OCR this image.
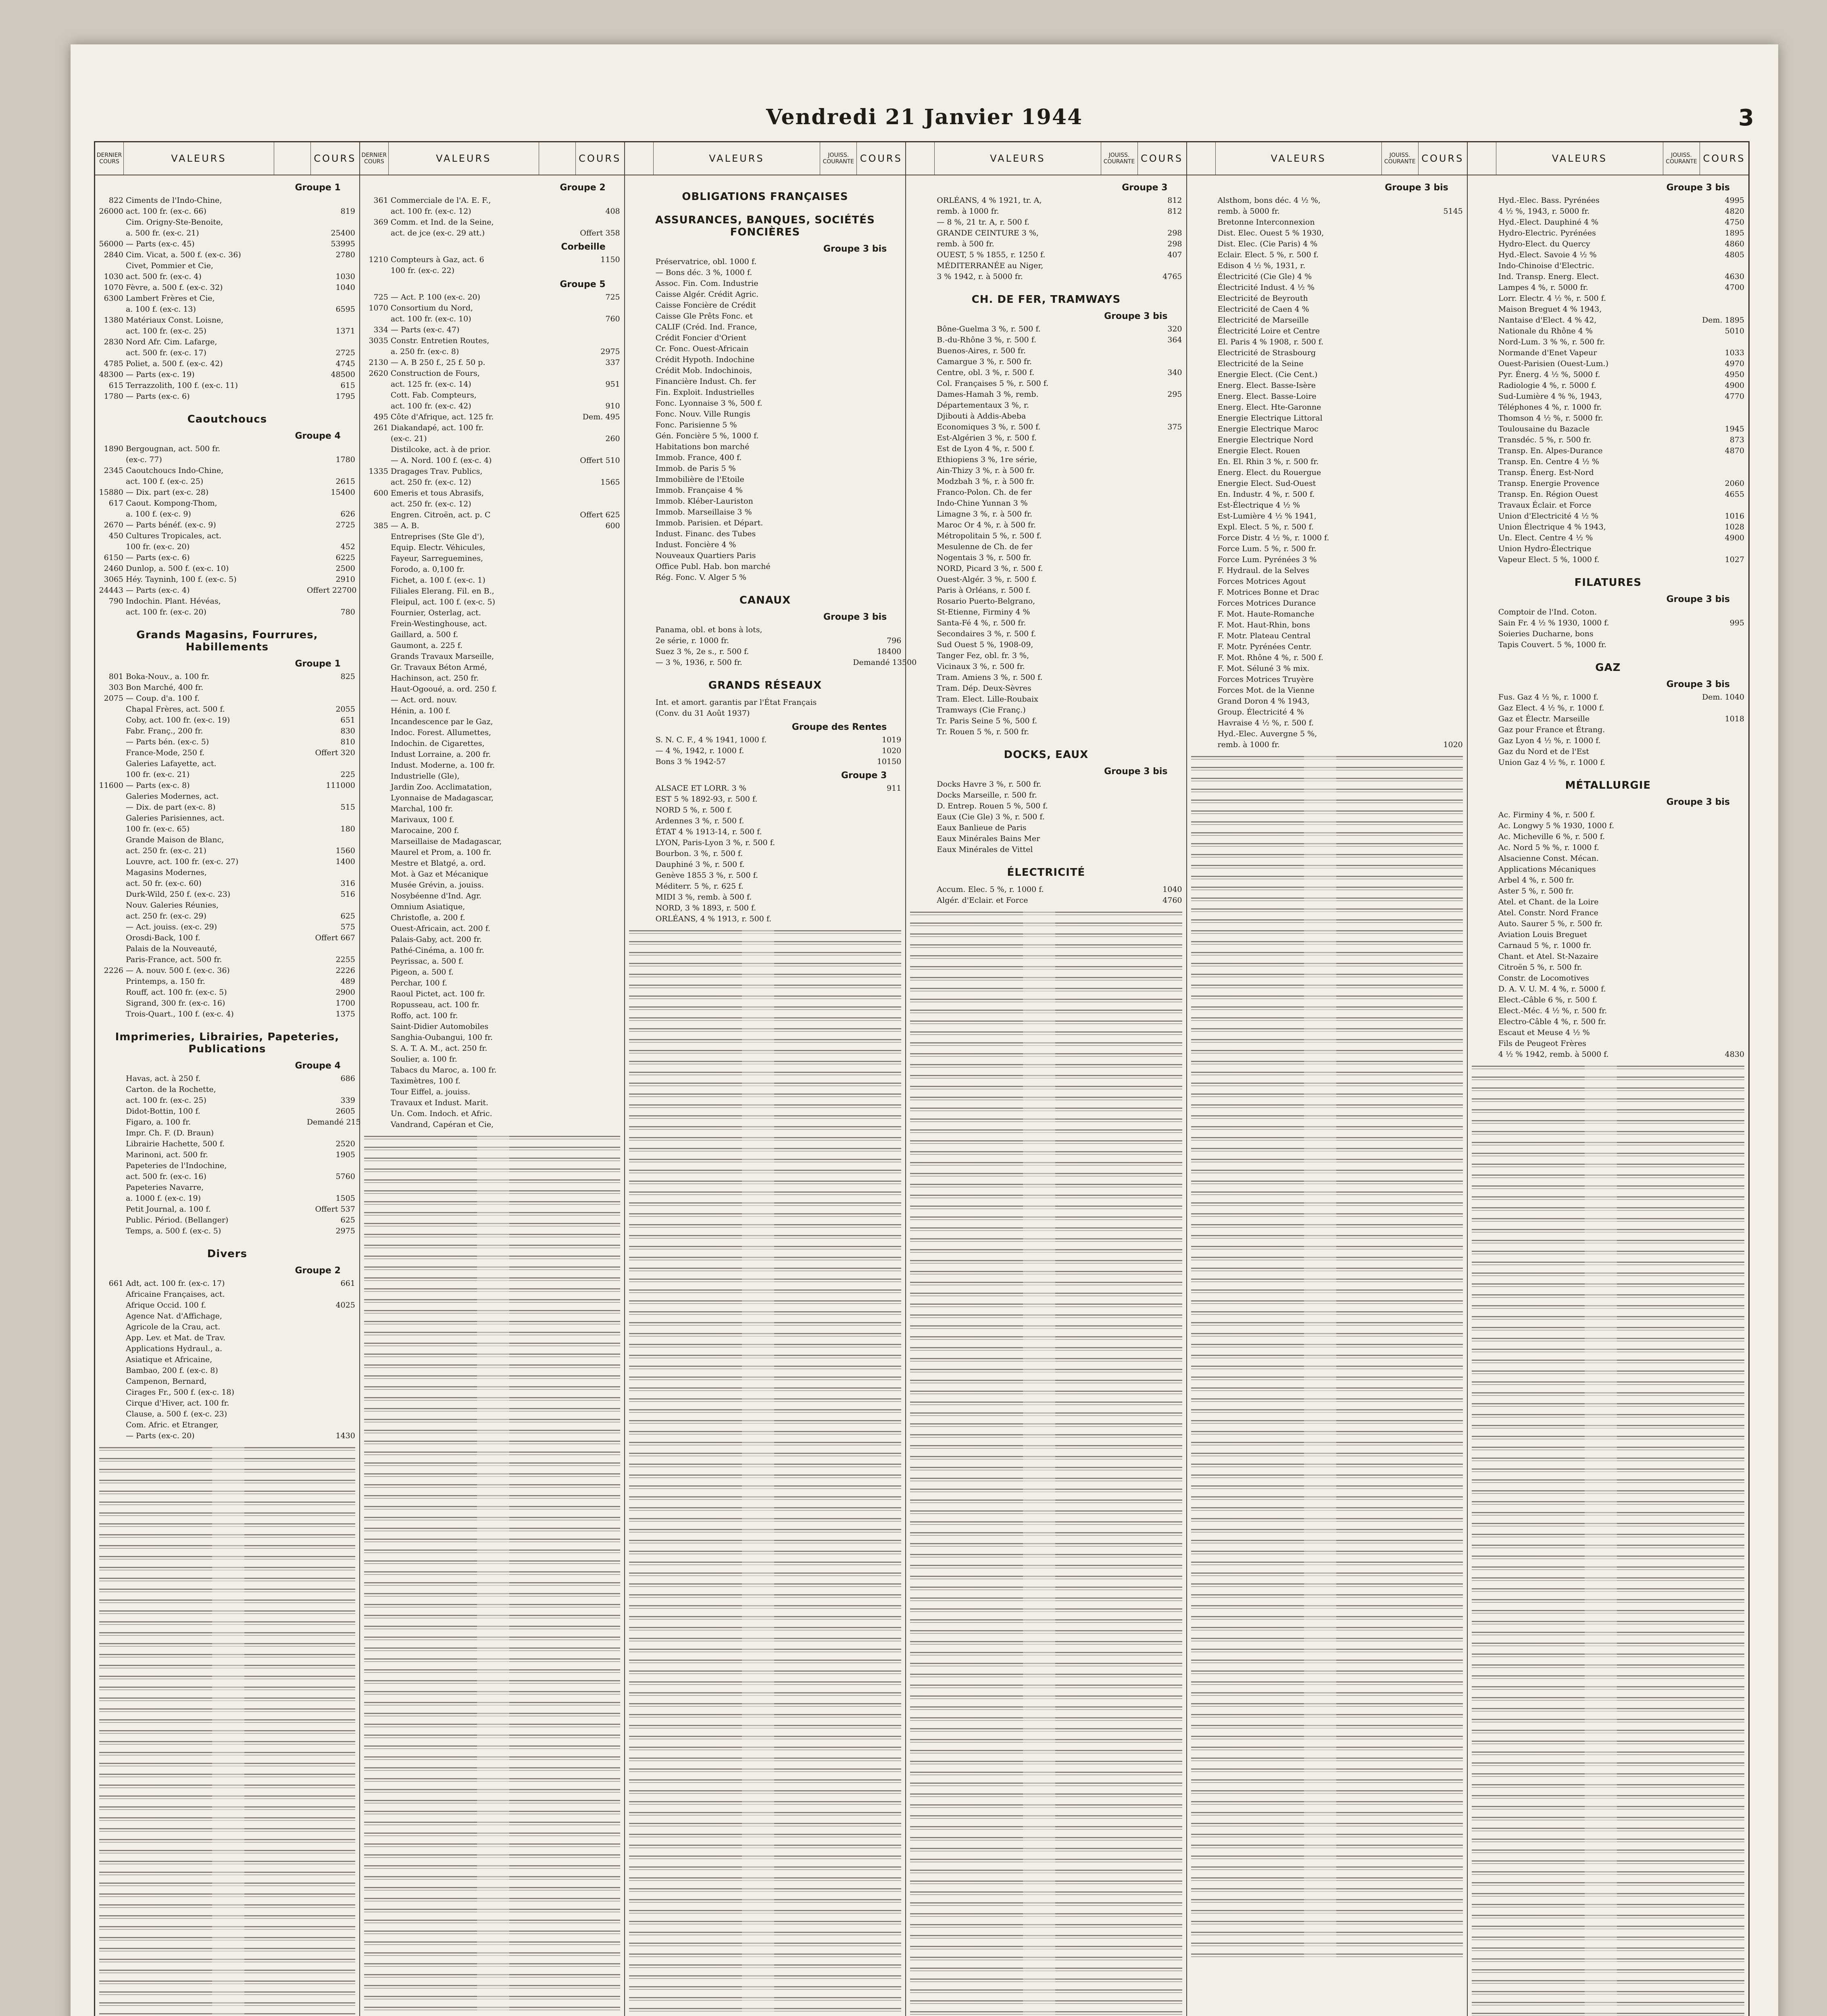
Vendredi 21 Janvier 1944	3
DERNIER COURS	VALEURS	COURS
Groupe 1
822 Ciments de l'Indo-Chine,
26000 act. 100 fr. (ex-c. 66)	819
Cim. Origny-Ste-Benoite,
a. 500 fr. (ex-c. 21)	25400
56000 — Parts (ex-c. 45)	53995
2840 Cim. Vicat, a. 500 f. (ex-c. 36)	2780
Civet, Pommier et Cie,
1030 act. 500 fr. (ex-c. 4)	1030
1070 Fèvre, a. 500 f. (ex-c. 32)	1040
6300 Lambert Frères et Cie,
a. 100 f. (ex-c. 13)	6595
1380 Matériaux Const. Loisne,
act. 100 fr. (ex-c. 25)	1371
2830 Nord Afr. Cim. Lafarge,
act. 500 fr. (ex-c. 17)	2725
4785 Poliet, a. 500 f. (ex-c. 42)	4745
48300 — Parts (ex-c. 19)	48500
615 Terrazzolith, 100 f. (ex-c. 11)	615
1780 — Parts (ex-c. 6)	1795
Caoutchoucs
Groupe 4
1890 Bergougnan, act. 500 fr.
(ex-c. 77)	1780
2345 Caoutchoucs Indo-Chine,
act. 100 f. (ex-c. 25)	2615
15880 — Dix. part (ex-c. 28)	15400
617 Caout. Kompong-Thom,
a. 100 f. (ex-c. 9)	626
2670 — Parts bénéf. (ex-c. 9)	2725
450 Cultures Tropicales, act.
100 fr. (ex-c. 20)	452
6150 — Parts (ex-c. 6)	6225
2460 Dunlop, a. 500 f. (ex-c. 10)	2500
3065 Héy. Tayninh, 100 f. (ex-c. 5)	2910
24443 — Parts (ex-c. 4)	Offert 22700
790 Indochin. Plant. Hévéas,
act. 100 fr. (ex-c. 20)	780
Grands Magasins, Fourrures, Habillements
Groupe 1
801 Boka-Nouv., a. 100 fr.	825
303 Bon Marché, 400 fr.
2075 — Coup. d'a. 100 f.
Chapal Frères, act. 500 f.	2055
Coby, act. 100 fr. (ex-c. 19)	651
Fabr. Franç., 200 fr.	830
— Parts bén. (ex-c. 5)	810
France-Mode, 250 f.	Offert 320
Galeries Lafayette, act.
100 fr. (ex-c. 21)	225
11600 — Parts (ex-c. 8)	111000
Galeries Modernes, act.
— Dix. de part (ex-c. 8)	515
Galeries Parisiennes, act.
100 fr. (ex-c. 65)	180
Grande Maison de Blanc,
act. 250 fr. (ex-c. 21)	1560
Louvre, act. 100 fr. (ex-c. 27)	1400
Magasins Modernes,
act. 50 fr. (ex-c. 60)	316
Durk-Wild, 250 f. (ex-c. 23)	516
Nouv. Galeries Réunies,
act. 250 fr. (ex-c. 29)	625
— Act. jouiss. (ex-c. 29)	575
Orosdi-Back, 100 f.	Offert 667
Palais de la Nouveauté,
Paris-France, act. 500 fr.	2255
2226 — A. nouv. 500 f. (ex-c. 36)	2226
Printemps, a. 150 fr.	489
Rouff, act. 100 fr. (ex-c. 5)	2900
Sigrand, 300 fr. (ex-c. 16)	1700
Trois-Quart., 100 f. (ex-c. 4)	1375
Imprimeries, Librairies, Papeteries, Publications
Groupe 4
Havas, act. à 250 f.	686
Carton. de la Rochette,
act. 100 fr. (ex-c. 25)	339
Didot-Bottin, 100 f.	2605
Figaro, a. 100 fr.	Demandé 215
Impr. Ch. F. (D. Braun)
Librairie Hachette, 500 f.	2520
Marinoni, act. 500 fr.	1905
Papeteries de l'Indochine,
act. 500 fr. (ex-c. 16)	5760
Papeteries Navarre,
a. 1000 f. (ex-c. 19)	1505
Petit Journal, a. 100 f.	Offert 537
Public. Périod. (Bellanger)	625
Temps, a. 500 f. (ex-c. 5)	2975
Divers
Groupe 2
661 Adt, act. 100 fr. (ex-c. 17)	661
Africaine Françaises, act.
Afrique Occid. 100 f.	4025
Agence Nat. d'Affichage,
Agricole de la Crau, act.
App. Lev. et Mat. de Trav.
Applications Hydraul., a.
Asiatique et Africaine,
Bambao, 200 f. (ex-c. 8)
Campenon, Bernard,
Cirages Fr., 500 f. (ex-c. 18)
Cirque d'Hiver, act. 100 fr.
Clause, a. 500 f. (ex-c. 23)
Com. Afric. et Etranger,
— Parts (ex-c. 20)	1430
DERNIER COURS	VALEURS	COURS
Groupe 2
361 Commerciale de l'A. E. F.,
act. 100 fr. (ex-c. 12)	408
369 Comm. et Ind. de la Seine,
act. de jce (ex-c. 29 att.)	Offert 358
Corbeille
1210 Compteurs à Gaz, act. 6	1150
100 fr. (ex-c. 22)
Groupe 5
725 — Act. P. 100 (ex-c. 20)	725
1070 Consortium du Nord,
act. 100 fr. (ex-c. 10)	760
334 — Parts (ex-c. 47)
3035 Constr. Entretien Routes,
a. 250 fr. (ex-c. 8)	2975
2130 — A. B 250 f., 25 f. 50 p.	337
2620 Construction de Fours,
act. 125 fr. (ex-c. 14)	951
Cott. Fab. Compteurs,
act. 100 fr. (ex-c. 42)	910
495 Côte d'Afrique, act. 125 fr.	Dem. 495
261 Diakandapé, act. 100 fr.
(ex-c. 21)	260
Distilcoke, act. à de prior.
— A. Nord. 100 f. (ex-c. 4)	Offert 510
1335 Dragages Trav. Publics,
act. 250 fr. (ex-c. 12)	1565
600 Emeris et tous Abrasifs,
act. 250 fr. (ex-c. 12)
Engren. Citroën, act. p. C	Offert 625
385 — A. B.	600
Entreprises (Ste Gle d'),
Equip. Electr. Véhicules,
Fayeur, Sarreguemines,
Forodo, a. 0,100 fr.
Fichet, a. 100 f. (ex-c. 1)
Filiales Elerang. Fil. en B.,
Fleipul, act. 100 f. (ex-c. 5)
Fournier, Osterlag, act.
Frein-Westinghouse, act.
Gaillard, a. 500 f.
Gaumont, a. 225 f.
Grands Travaux Marseille,
Gr. Travaux Béton Armé,
Hachinson, act. 250 fr.
Haut-Ogooué, a. ord. 250 f.
— Act. ord. nouv.
Hénin, a. 100 f.
Incandescence par le Gaz,
Indoc. Forest. Allumettes,
Indochin. de Cigarettes,
Indust Lorraine, a. 200 fr.
Indust. Moderne, a. 100 fr.
Industrielle (Gle),
Jardin Zoo. Acclimatation,
Lyonnaise de Madagascar,
Marchal, 100 fr.
Marivaux, 100 f.
Marocaine, 200 f.
Marseillaise de Madagascar,
Maurel et Prom, a. 100 fr.
Mestre et Blatgé, a. ord.
Mot. à Gaz et Mécanique
Musée Grévin, a. jouiss.
Nosybéenne d'Ind. Agr.
Omnium Asiatique,
Christofle, a. 200 f.
Ouest-Africain, act. 200 f.
Palais-Gaby, act. 200 fr.
Pathé-Cinéma, a. 100 fr.
Peyrissac, a. 500 f.
Pigeon, a. 500 f.
Perchar, 100 f.
Raoul Pictet, act. 100 fr.
Ropusseau, act. 100 fr.
Roffo, act. 100 fr.
Saint-Didier Automobiles
Sanghia-Oubangui, 100 fr.
S. A. T. A. M., act. 250 fr.
Soulier, a. 100 fr.
Tabacs du Maroc, a. 100 fr.
Taximètres, 100 f.
Tour Eiffel, a. jouiss.
Travaux et Indust. Marit.
Un. Com. Indoch. et Afric.
Vandrand, Capéran et Cie,
VALEURS	JOUISS. COURANTE COURS
OBLIGATIONS FRANÇAISES
ASSURANCES, BANQUES, SOCIÉTÉS FONCIÈRES
Groupe 3 bis
Préservatrice, obl. 1000 f.
— Bons déc. 3 %, 1000 f.
Assoc. Fin. Com. Industrie
Caisse Algér. Crédit Agric.
Caisse Foncière de Crédit
Caisse Gle Prêts Fonc. et
CALIF (Créd. Ind. France,
Crédit Foncier d'Orient
Cr. Fonc. Ouest-Africain
Crédit Hypoth. Indochine
Crédit Mob. Indochinois,
Financière Indust. Ch. fer
Fin. Exploit. Industrielles
Fonc. Lyonnaise 3 %, 500 f.
Fonc. Nouv. Ville Rungis
Fonc. Parisienne 5 %
Gén. Foncière 5 %, 1000 f.
Habitations bon marché
Immob. France, 400 f.
Immob. de Paris 5 %
Immobilière de l'Etoile
Immob. Française 4 %
Immob. Kléber-Lauriston
Immob. Marseillaise 3 %
Immob. Parisien. et Départ.
Indust. Financ. des Tubes
Indust. Foncière 4 %
Nouveaux Quartiers Paris
Office Publ. Hab. bon marché
Rég. Fonc. V. Alger 5 %
CANAUX
Groupe 3 bis
Panama, obl. et bons à lots,
2e série, r. 1000 fr.	796
Suez 3 %, 2e s., r. 500 f.	18400
— 3 %, 1936, r. 500 fr.	Demandé 13500
GRANDS RÉSEAUX
Int. et amort. garantis par l'État Français
(Conv. du 31 Août 1937)
Groupe des Rentes
S. N. C. F., 4 % 1941, 1000 f.	1019
— 4 %, 1942, r. 1000 f.	1020
Bons 3 % 1942-57	10150
Groupe 3
ALSACE ET LORR. 3 %	911
EST 5 % 1892-93, r. 500 f.
NORD 5 %, r. 500 f.
Ardennes 3 %, r. 500 f.
ÉTAT 4 % 1913-14, r. 500 f.
LYON, Paris-Lyon 3 %, r. 500 f.
Bourbon. 3 %, r. 500 f.
Dauphiné 3 %, r. 500 f.
Genève 1855 3 %, r. 500 f.
Méditerr. 5 %, r. 625 f.
MIDI 3 %, remb. à 500 f.
NORD, 3 % 1893, r. 500 f.
ORLÉANS, 4 % 1913, r. 500 f.
VALEURS	JOUISS. COURANTE COURS
Groupe 3
ORLÉANS, 4 % 1921, tr. A,	812
remb. à 1000 fr.	812
— 8 %, 21 tr. A, r. 500 f.
GRANDE CEINTURE 3 %,	298
remb. à 500 fr.	298
OUEST, 5 % 1855, r. 1250 f.	407
MÉDITERRANÉE au Niger,
3 % 1942, r. à 5000 fr.	4765
CH. DE FER, TRAMWAYS
Groupe 3 bis
Bône-Guelma 3 %, r. 500 f.	320
B.-du-Rhône 3 %, r. 500 f.	364
Buenos-Aires, r. 500 fr.
Camargue 3 %, r. 500 fr.
Centre, obl. 3 %, r. 500 f.	340
Col. Françaises 5 %, r. 500 f.
Dames-Hamah 3 %, remb.	295
Départementaux 3 %, r.
Djibouti à Addis-Abeba
Economiques 3 %, r. 500 f.	375
Est-Algérien 3 %, r. 500 f.
Est de Lyon 4 %, r. 500 f.
Ethiopiens 3 %, 1re série,
Ain-Thizy 3 %, r. à 500 fr.
Modzbah 3 %, r. à 500 fr.
Franco-Polon. Ch. de fer
Indo-Chine Yunnan 3 %
Limagne 3 %, r. à 500 fr.
Maroc Or 4 %, r. à 500 fr.
Métropolitain 5 %, r. 500 f.
Mesulenne de Ch. de fer
Nogentais 3 %, r. 500 fr.
NORD, Picard 3 %, r. 500 f.
Ouest-Algér. 3 %, r. 500 f.
Paris à Orléans, r. 500 f.
Rosario Puerto-Belgrano,
St-Etienne, Firminy 4 %
Santa-Fé 4 %, r. 500 fr.
Secondaires 3 %, r. 500 f.
Sud Ouest 5 %, 1908-09,
Tanger Fez, obl. fr. 3 %,
Vicinaux 3 %, r. 500 fr.
Tram. Amiens 3 %, r. 500 f.
Tram. Dép. Deux-Sèvres
Tram. Elect. Lille-Roubaix
Tramways (Cie Franç.)
Tr. Paris Seine 5 %, 500 f.
Tr. Rouen 5 %, r. 500 fr.
DOCKS, EAUX
Groupe 3 bis
Docks Havre 3 %, r. 500 fr.
Docks Marseille, r. 500 fr.
D. Entrep. Rouen 5 %, 500 f.
Eaux (Cie Gle) 3 %, r. 500 f.
Eaux Banlieue de Paris
Eaux Minérales Bains Mer
Eaux Minérales de Vittel
ÉLECTRICITÉ
Accum. Elec. 5 %, r. 1000 f.	1040
Algér. d'Eclair. et Force	4760
VALEURS	JOUISS. COURANTE COURS
Groupe 3 bis
Alsthom, bons déc. 4 ½ %,
remb. à 5000 fr.	5145
Bretonne Interconnexion
Dist. Elec. Ouest 5 % 1930,
Dist. Elec. (Cie Paris) 4 %
Eclair. Elect. 5 %, r. 500 f.
Edison 4 ½ %, 1931, r.
Électricité (Cie Gle) 4 %
Électricité Indust. 4 ½ %
Electricité de Beyrouth
Electricité de Caen 4 %
Electricité de Marseille
Électricité Loire et Centre
El. Paris 4 % 1908, r. 500 f.
Electricité de Strasbourg
Electricité de la Seine
Energie Elect. (Cie Cent.)
Energ. Elect. Basse-Isère
Energ. Elect. Basse-Loire
Energ. Elect. Hte-Garonne
Energie Electrique Littoral
Energie Electrique Maroc
Energie Electrique Nord
Energie Elect. Rouen
En. El. Rhin 3 %, r. 500 fr.
Energ. Elect. du Rouergue
Energie Elect. Sud-Ouest
En. Industr. 4 %, r. 500 f.
Est-Électrique 4 ½ %
Est-Lumière 4 ½ % 1941,
Expl. Elect. 5 %, r. 500 f.
Force Distr. 4 ½ %, r. 1000 f.
Force Lum. 5 %, r. 500 fr.
Force Lum. Pyrénées 3 %
F. Hydraul. de la Selves
Forces Motrices Agout
F. Motrices Bonne et Drac
Forces Motrices Durance
F. Mot. Haute-Romanche
F. Mot. Haut-Rhin, bons
F. Motr. Plateau Central
F. Motr. Pyrénées Centr.
F. Mot. Rhône 4 %, r. 500 f.
F. Mot. Séluné 3 % mix.
Forces Motrices Truyère
Forces Mot. de la Vienne
Grand Doron 4 % 1943,
Group. Électricité 4 %
Havraise 4 ½ %, r. 500 f.
Hyd.-Elec. Auvergne 5 %,
remb. à 1000 fr.	1020
VALEURS	JOUISS. COURANTE COURS
Groupe 3 bis
Hyd.-Elec. Bass. Pyrénées	4995
4 ½ %, 1943, r. 5000 fr.	4820
Hyd.-Elect. Dauphiné 4 %	4750
Hydro-Electric. Pyrénées	1895
Hydro-Elect. du Quercy	4860
Hyd.-Elect. Savoie 4 ½ %	4805
Indo-Chinoise d'Electric.
Ind. Transp. Energ. Elect.	4630
Lampes 4 %, r. 5000 fr.	4700
Lorr. Electr. 4 ½ %, r. 500 f.
Maison Breguet 4 % 1943,
Nantaise d'Elect. 4 % 42,	Dem. 1895
Nationale du Rhône 4 %	5010
Nord-Lum. 3 % %, r. 500 fr.
Normande d'Enet Vapeur	1033
Ouest-Parisien (Ouest-Lum.)	4970
Pyr. Énerg. 4 ½ %, 5000 f.	4950
Radiologie 4 %, r. 5000 f.	4900
Sud-Lumière 4 % %, 1943,	4770
Téléphones 4 %, r. 1000 fr.
Thomson 4 ½ %, r. 5000 fr.
Toulousaine du Bazacle	1945
Transdéc. 5 %, r. 500 fr.	873
Transp. En. Alpes-Durance	4870
Transp. En. Centre 4 ½ %
Transp. Énerg. Est-Nord
Transp. Energie Provence	2060
Transp. En. Région Ouest	4655
Travaux Éclair. et Force
Union d'Electricité 4 ½ %	1016
Union Électrique 4 % 1943,	1028
Un. Elect. Centre 4 ½ %	4900
Union Hydro-Électrique
Vapeur Elect. 5 %, 1000 f.	1027
FILATURES
Groupe 3 bis
Comptoir de l'Ind. Coton.
Sain Fr. 4 ½ % 1930, 1000 f.	995
Soieries Ducharne, bons
Tapis Couvert. 5 %, 1000 fr.
GAZ
Groupe 3 bis
Fus. Gaz 4 ½ %, r. 1000 f.	Dem. 1040
Gaz Elect. 4 ½ %, r. 1000 f.
Gaz et Électr. Marseille	1018
Gaz pour France et Étrang.
Gaz Lyon 4 ½ %, r. 1000 f.
Gaz du Nord et de l'Est
Union Gaz 4 ½ %, r. 1000 f.
MÉTALLURGIE
Groupe 3 bis
Ac. Firminy 4 %, r. 500 f.
Ac. Longwy 5 % 1930, 1000 f.
Ac. Micheville 6 %, r. 500 f.
Ac. Nord 5 % %, r. 1000 f.
Alsacienne Const. Mécan.
Applications Mécaniques
Arbel 4 %, r. 500 fr.
Aster 5 %, r. 500 fr.
Atel. et Chant. de la Loire
Atel. Constr. Nord France
Auto. Saurer 5 %, r. 500 fr.
Aviation Louis Breguet
Carnaud 5 %, r. 1000 fr.
Chant. et Atel. St-Nazaire
Citroën 5 %, r. 500 fr.
Constr. de Locomotives
D. A. V. U. M. 4 %, r. 5000 f.
Elect.-Câble 6 %, r. 500 f.
Elect.-Méc. 4 ½ %, r. 500 fr.
Electro-Câble 4 %, r. 500 fr.
Escaut et Meuse 4 ½ %
Fils de Peugeot Frères
4 ½ % 1942, remb. à 5000 f.	4830
